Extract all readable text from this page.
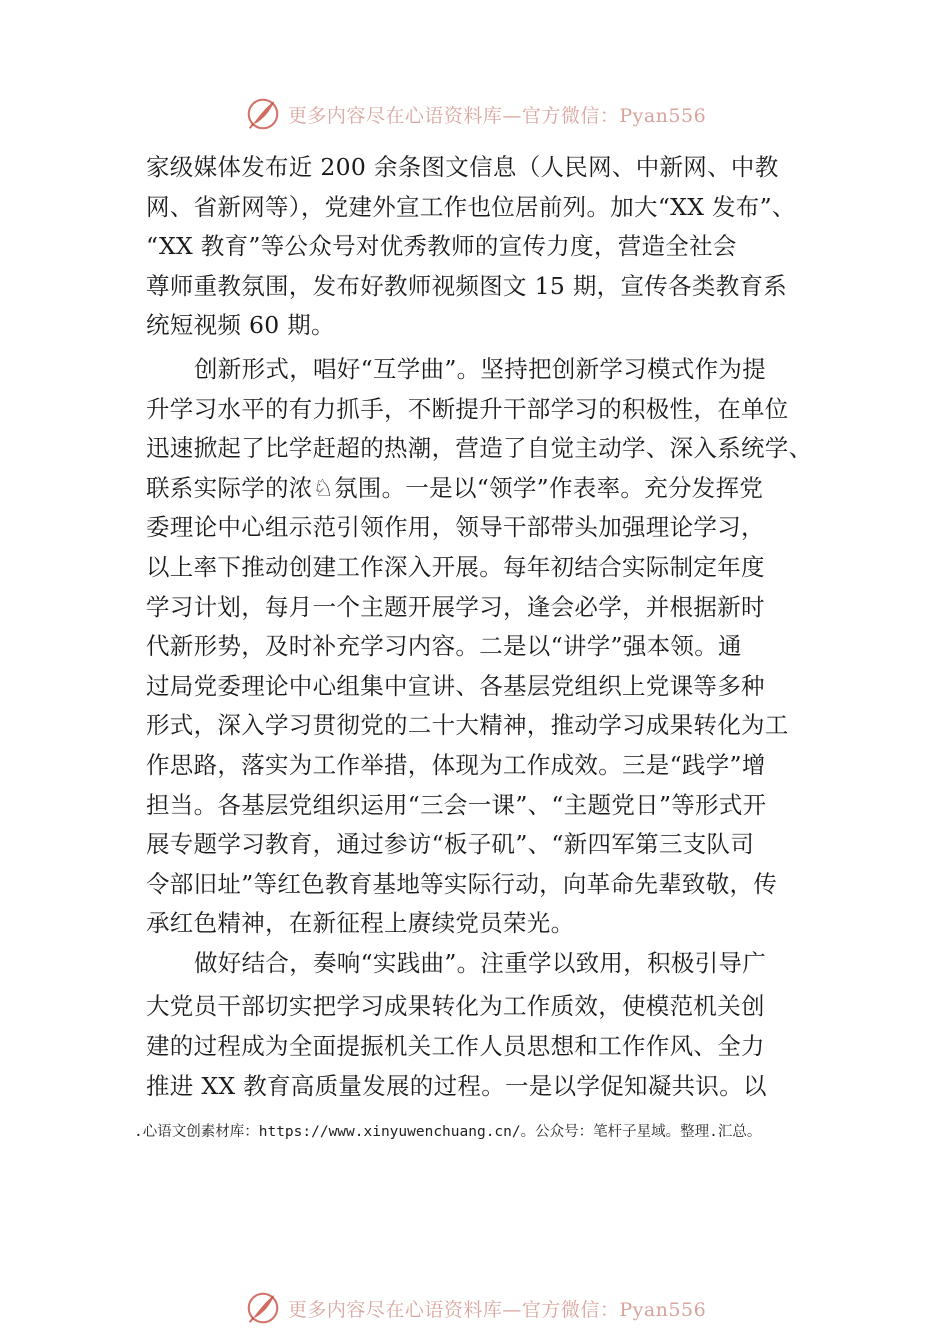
更多内容尽在心语资料库—官方微信：Pyan556
家级媒体发布近 200 余条图文信息（人民网、中新网、中教
网、省新网等），党建外宣工作也位居前列。加大“XX 发布”、
“XX 教育”等公众号对优秀教师的宣传力度，营造全社会
尊师重教氛围，发布好教师视频图文 15 期，宣传各类教育系
统短视频 60 期。
创新形式，唱好“互学曲”。坚持把创新学习模式作为提
升学习水平的有力抓手，不断提升干部学习的积极性，在单位
迅速掀起了比学赶超的热潮，营造了自觉主动学、深入系统学、
联系实际学的浓♘氛围。一是以“领学”作表率。充分发挥党
委理论中心组示范引领作用，领导干部带头加强理论学习，
以上率下推动创建工作深入开展。每年初结合实际制定年度
学习计划，每月一个主题开展学习，逢会必学，并根据新时
代新形势，及时补充学习内容。二是以“讲学”强本领。通
过局党委理论中心组集中宣讲、各基层党组织上党课等多种
形式，深入学习贯彻党的二十大精神，推动学习成果转化为工
作思路，落实为工作举措，体现为工作成效。三是“践学”增
担当。各基层党组织运用“三会一课”、“主题党日”等形式开
展专题学习教育，通过参访“板子矶”、“新四军第三支队司
令部旧址”等红色教育基地等实际行动，向革命先辈致敬，传
承红色精神，在新征程上赓续党员荣光。
做好结合，奏响“实践曲”。注重学以致用，积极引导广
大党员干部切实把学习成果转化为工作质效，使模范机关创
建的过程成为全面提振机关工作人员思想和工作作风、全力
推进 XX 教育高质量发展的过程。一是以学促知凝共识。以
.心语文创素材库：https://www.xinyuwenchuang.cn/。公众号：笔杆子星域。整理.汇总。
更多内容尽在心语资料库—官方微信：Pyan556
